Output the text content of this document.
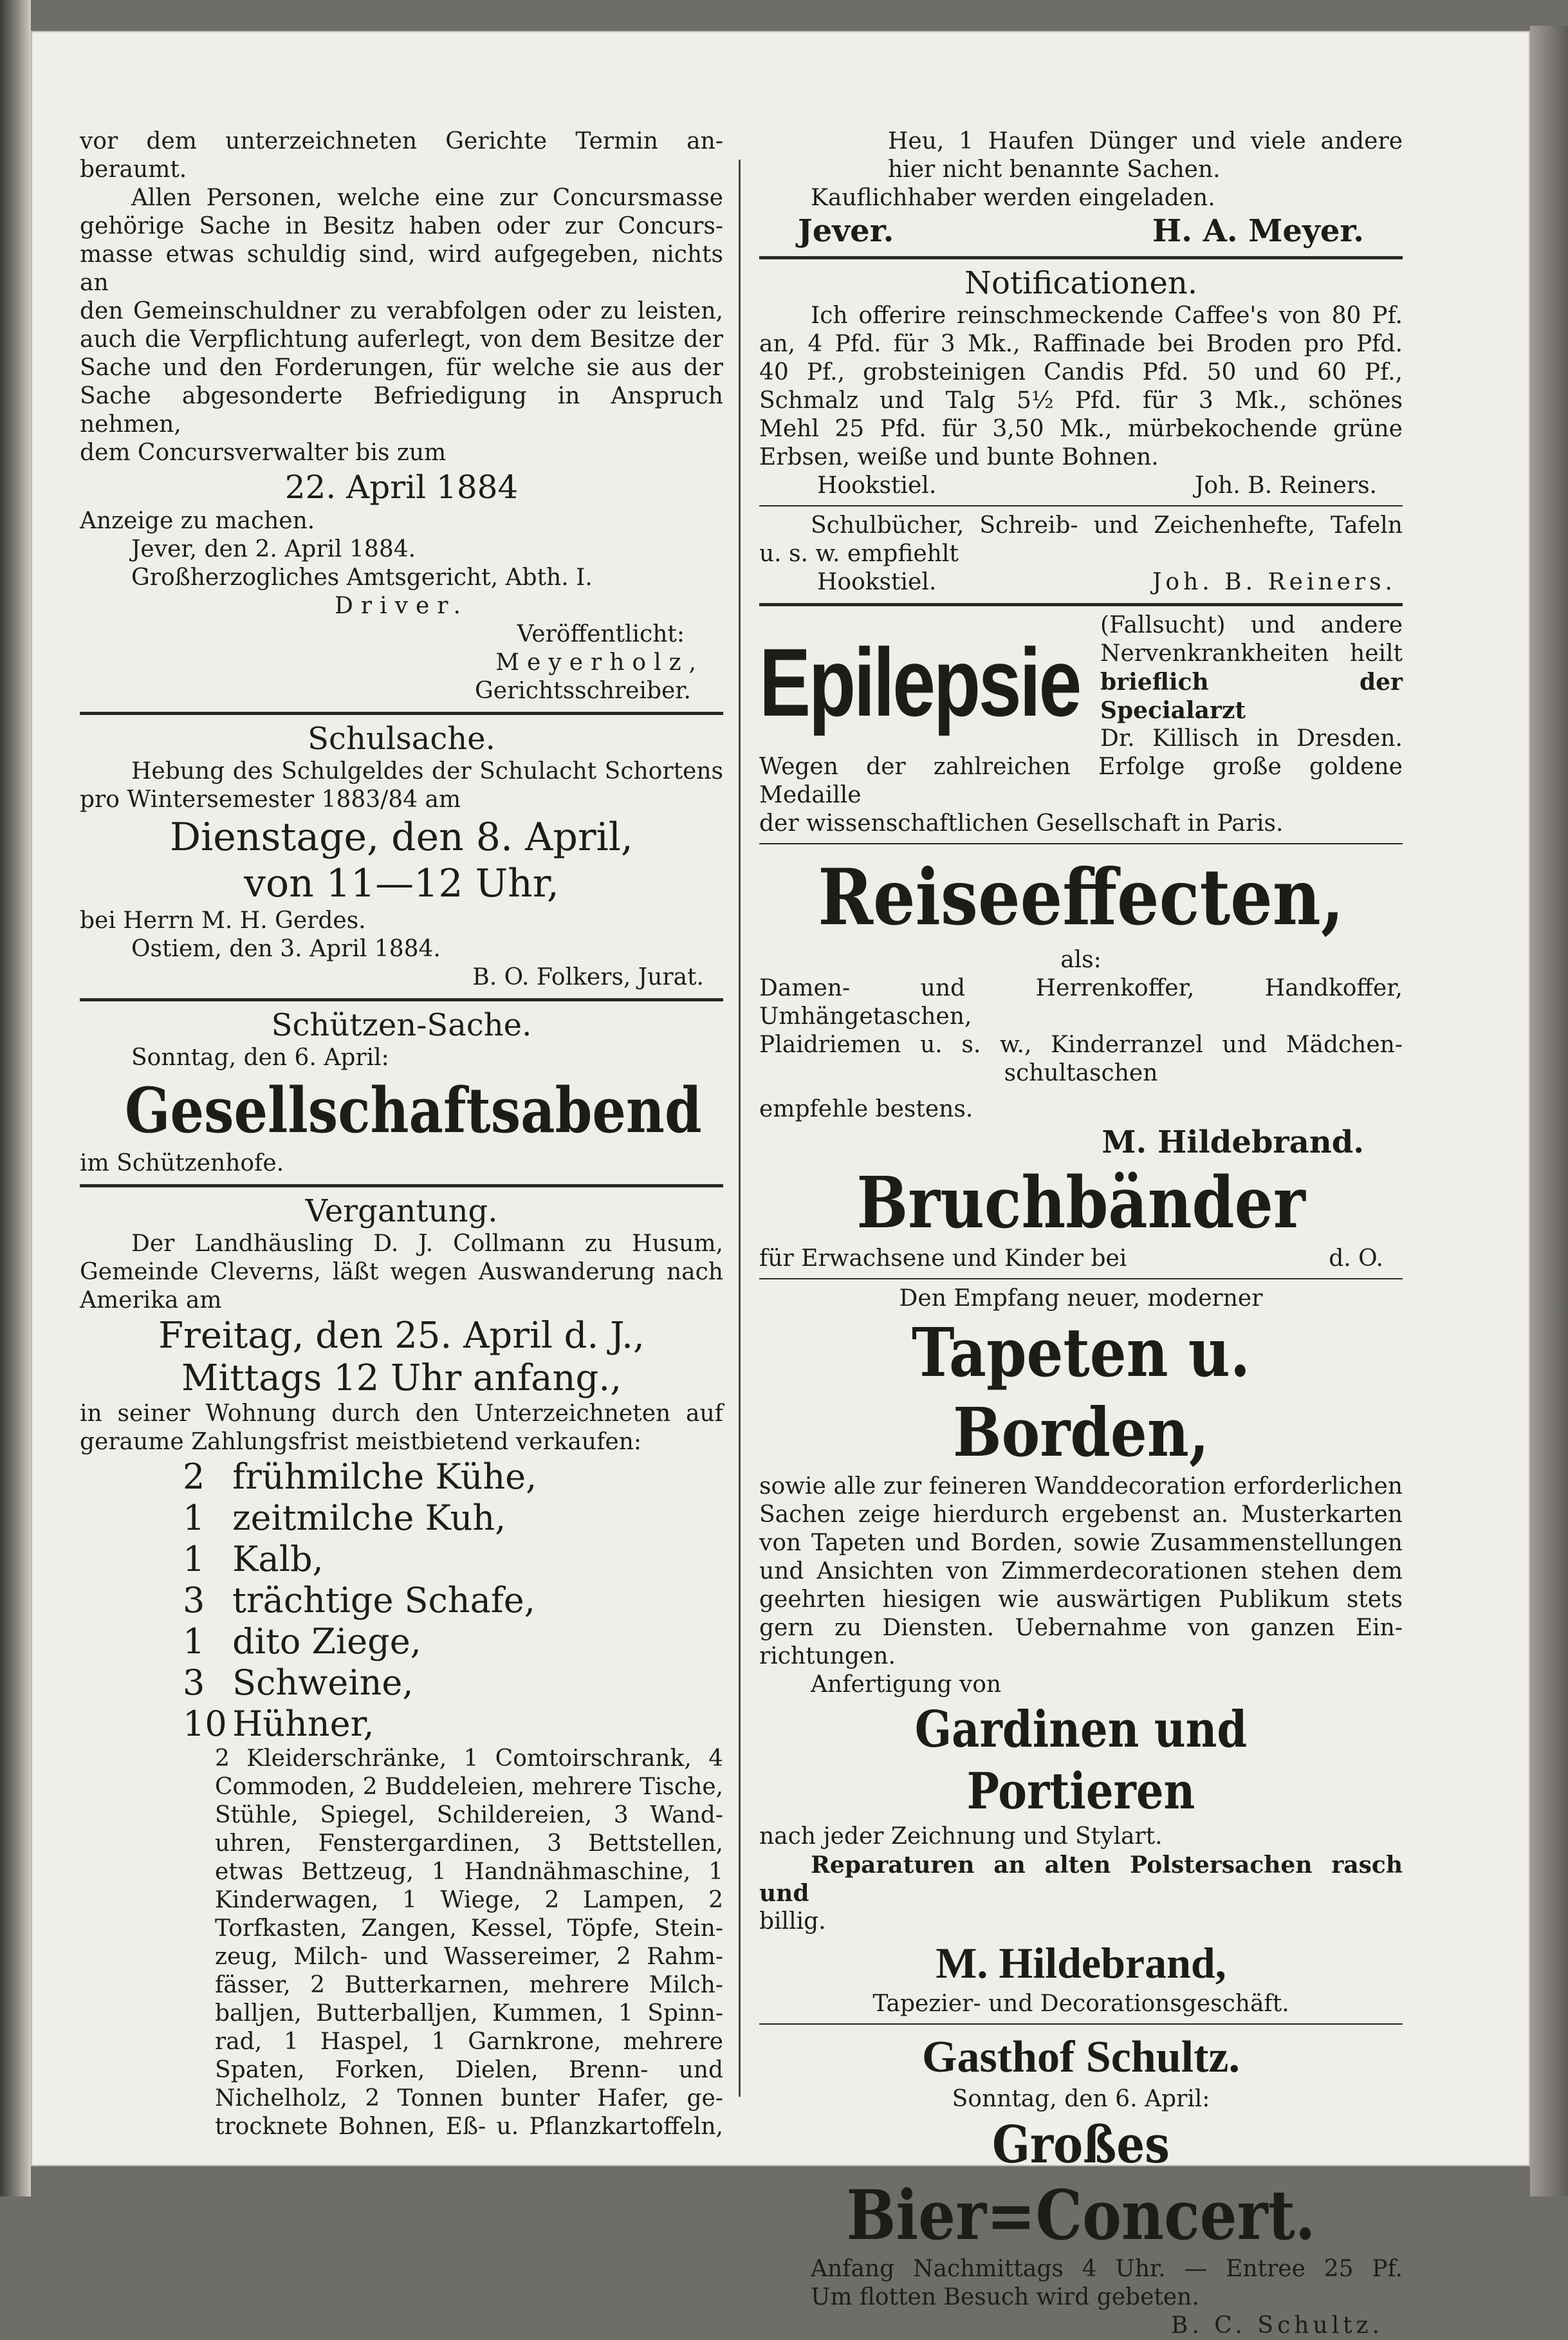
vor dem unterzeichneten Gerichte Termin an-

beraumt.

Allen Personen, welche eine zur Concursmasse

gehörige Sache in Besitz haben oder zur Concurs-

masse etwas schuldig sind, wird aufgegeben, nichts an

den Gemeinschuldner zu verabfolgen oder zu leisten,

auch die Verpflichtung auferlegt, von dem Besitze der

Sache und den Forderungen, für welche sie aus der

Sache abgesonderte Befriedigung in Anspruch nehmen,

dem Concursverwalter bis zum

22. April 1884

Anzeige zu machen.

Jever, den 2. April 1884.

Großherzogliches Amtsgericht, Abth. I.

Driver.

Veröffentlicht:

Meyerholz,

Gerichtsschreiber.

Schulsache.

Hebung des Schulgeldes der Schulacht Schortens

pro Wintersemester 1883/84 am

Dienstage, den 8. April,

von 11—12 Uhr,

bei Herrn M. H. Gerdes.

Ostiem, den 3. April 1884.

B. O. Folkers, Jurat.

Schützen-Sache.

Sonntag, den 6. April:

Gesellschaftsabend

im Schützenhofe.

Vergantung.

Der Landhäusling D. J. Collmann zu Husum,

Gemeinde Cleverns, läßt wegen Auswanderung nach

Amerika am

Freitag, den 25. April d. J.,

Mittags 12 Uhr anfang.,

in seiner Wohnung durch den Unterzeichneten auf

geraume Zahlungsfrist meistbietend verkaufen:

2 frühmilche Kühe,

1 zeitmilche Kuh,

1 Kalb,

3 trächtige Schafe,

1 dito Ziege,

3 Schweine,

10 Hühner,

2 Kleiderschränke, 1 Comtoirschrank, 4

Commoden, 2 Buddeleien, mehrere Tische,

Stühle, Spiegel, Schildereien, 3 Wand-

uhren, Fenstergardinen, 3 Bettstellen,

etwas Bettzeug, 1 Handnähmaschine, 1

Kinderwagen, 1 Wiege, 2 Lampen, 2

Torfkasten, Zangen, Kessel, Töpfe, Stein-

zeug, Milch- und Wassereimer, 2 Rahm-

fässer, 2 Butterkarnen, mehrere Milch-

balljen, Butterballjen, Kummen, 1 Spinn-

rad, 1 Haspel, 1 Garnkrone, mehrere

Spaten, Forken, Dielen, Brenn- und

Nichelholz, 2 Tonnen bunter Hafer, ge-

trocknete Bohnen, Eß- u. Pflanzkartoffeln,

Heu, 1 Haufen Dünger und viele andere

hier nicht benannte Sachen.

Kauflichhaber werden eingeladen.

Jever.	H. A. Meyer.

Notificationen.

Ich offerire reinschmeckende Caffee's von 80 Pf.

an, 4 Pfd. für 3 Mk., Raffinade bei Broden pro Pfd.

40 Pf., grobsteinigen Candis Pfd. 50 und 60 Pf.,

Schmalz und Talg 5½ Pfd. für 3 Mk., schönes

Mehl 25 Pfd. für 3,50 Mk., mürbekochende grüne

Erbsen, weiße und bunte Bohnen.

Hookstiel.	Joh. B. Reiners.

Schulbücher, Schreib- und Zeichenhefte, Tafeln

u. s. w. empfiehlt

Hookstiel.	Joh. B. Reiners.
Epilepsie

(Fallsucht) und andere

Nervenkrankheiten heilt

brieflich der Specialarzt

Dr. Killisch in Dresden.

Wegen der zahlreichen Erfolge große goldene Medaille

der wissenschaftlichen Gesellschaft in Paris.

Reiseeffecten,

als:

Damen- und Herrenkoffer, Handkoffer, Umhängetaschen,

Plaidriemen u. s. w., Kinderranzel und Mädchen-

schultaschen

empfehle bestens.

M. Hildebrand.

Bruchbänder

für Erwachsene und Kinder bei	d. O.

Den Empfang neuer, moderner

Tapeten u. Borden,

sowie alle zur feineren Wanddecoration erforderlichen

Sachen zeige hierdurch ergebenst an. Musterkarten

von Tapeten und Borden, sowie Zusammenstellungen

und Ansichten von Zimmerdecorationen stehen dem

geehrten hiesigen wie auswärtigen Publikum stets

gern zu Diensten. Uebernahme von ganzen Ein-

richtungen.

Anfertigung von

Gardinen und Portieren

nach jeder Zeichnung und Stylart.

Reparaturen an alten Polstersachen rasch und

billig.

M. Hildebrand,

Tapezier- und Decorationsgeschäft.

Gasthof Schultz.

Sonntag, den 6. April:

Großes

Bier=Concert.

Anfang Nachmittags 4 Uhr. — Entree 25 Pf.

Um flotten Besuch wird gebeten.

B. C. Schultz.
